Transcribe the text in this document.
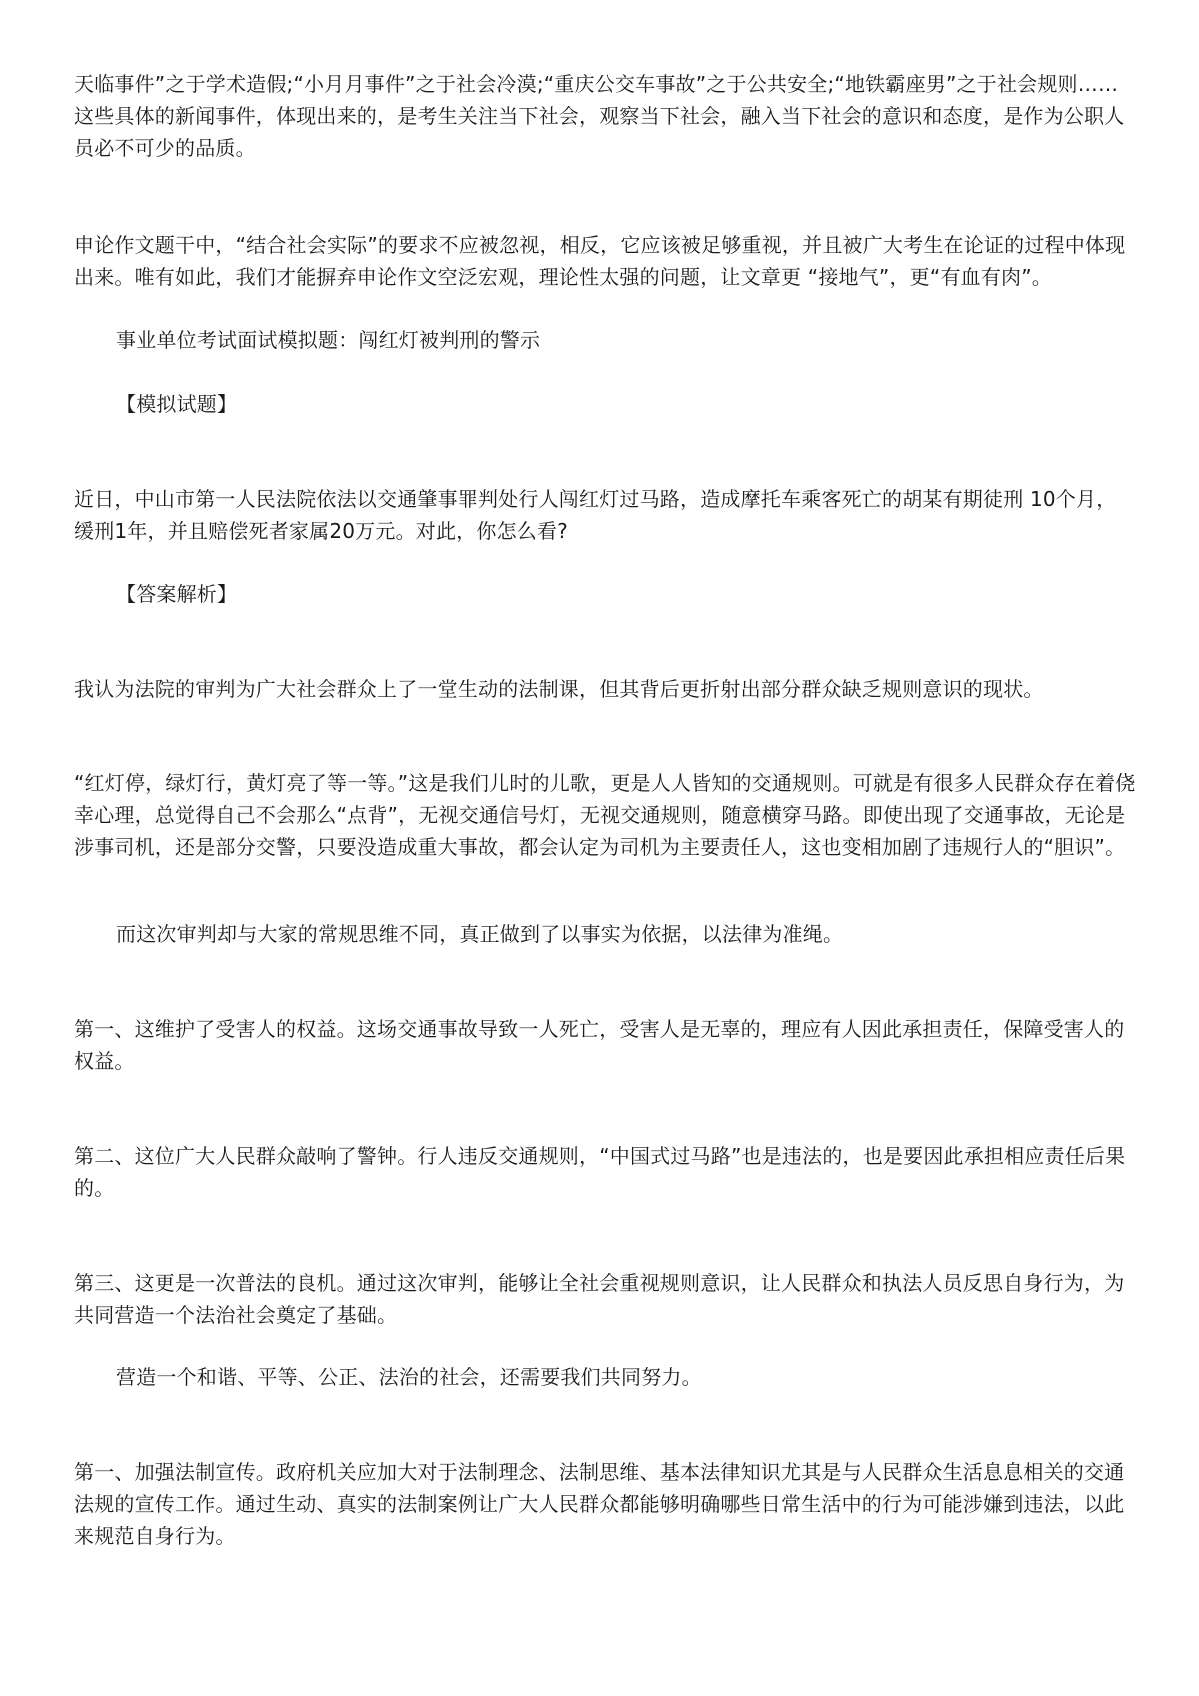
天临事件”之于学术造假;“小月月事件”之于社会冷漠;“重庆公交车事故”之于公共安全;“地铁霸座男”之于社会规则……这些具体的新闻事件，体现出来的，是考生关注当下社会，观察当下社会，融入当下社会的意识和态度，是作为公职人员必不可少的品质。

申论作文题干中，“结合社会实际”的要求不应被忽视，相反，它应该被足够重视，并且被广大考生在论证的过程中体现出来。唯有如此，我们才能摒弃申论作文空泛宏观，理论性太强的问题，让文章更 “接地气”，更“有血有肉”。

事业单位考试面试模拟题：闯红灯被判刑的警示

【模拟试题】

近日，中山市第一人民法院依法以交通肇事罪判处行人闯红灯过马路，造成摩托车乘客死亡的胡某有期徒刑 10个月，缓刑1年，并且赔偿死者家属20万元。对此，你怎么看?

【答案解析】

我认为法院的审判为广大社会群众上了一堂生动的法制课，但其背后更折射出部分群众缺乏规则意识的现状。

“红灯停，绿灯行，黄灯亮了等一等。”这是我们儿时的儿歌，更是人人皆知的交通规则。可就是有很多人民群众存在着侥幸心理，总觉得自己不会那么“点背”，无视交通信号灯，无视交通规则，随意横穿马路。即使出现了交通事故，无论是涉事司机，还是部分交警，只要没造成重大事故，都会认定为司机为主要责任人，这也变相加剧了违规行人的“胆识”。

而这次审判却与大家的常规思维不同，真正做到了以事实为依据，以法律为准绳。

第一、这维护了受害人的权益。这场交通事故导致一人死亡，受害人是无辜的，理应有人因此承担责任，保障受害人的权益。

第二、这位广大人民群众敲响了警钟。行人违反交通规则，“中国式过马路”也是违法的，也是要因此承担相应责任后果的。

第三、这更是一次普法的良机。通过这次审判，能够让全社会重视规则意识，让人民群众和执法人员反思自身行为，为共同营造一个法治社会奠定了基础。

营造一个和谐、平等、公正、法治的社会，还需要我们共同努力。

第一、加强法制宣传。政府机关应加大对于法制理念、法制思维、基本法律知识尤其是与人民群众生活息息相关的交通法规的宣传工作。通过生动、真实的法制案例让广大人民群众都能够明确哪些日常生活中的行为可能涉嫌到违法，以此来规范自身行为。
